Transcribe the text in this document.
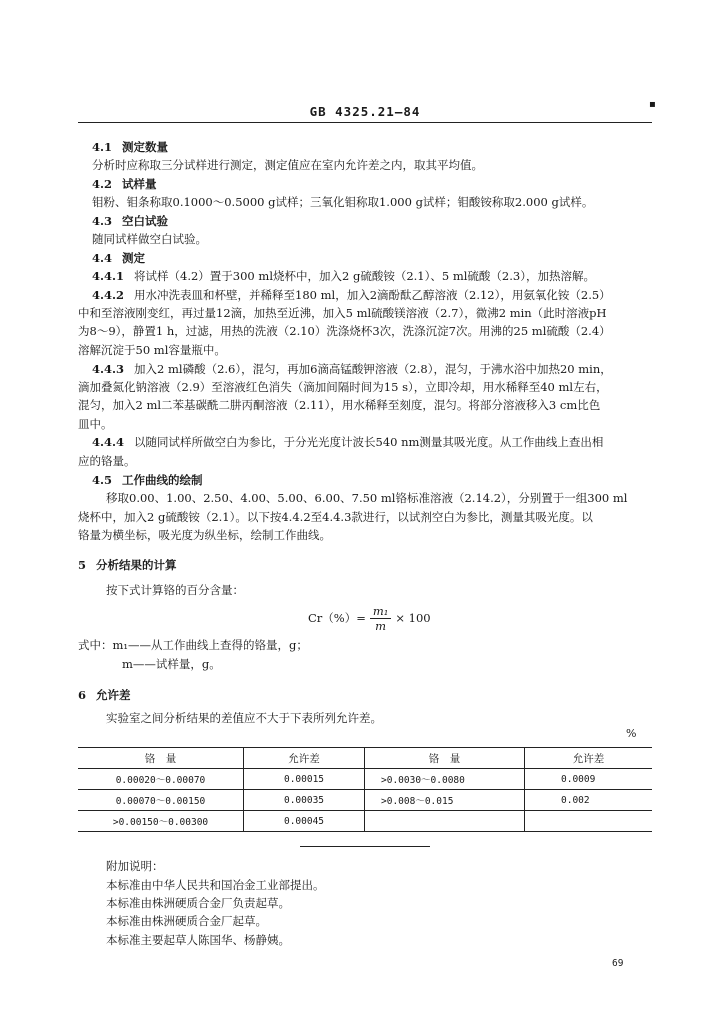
GB 4325.21—84	▪
4.1 测定数量
分析时应称取三分试样进行测定，测定值应在室内允许差之内，取其平均值。
4.2 试样量
钼粉、钼条称取0.1000～0.5000 g试样；三氧化钼称取1.000 g试样；钼酸铵称取2.000 g试样。
4.3 空白试验
随同试样做空白试验。
4.4 测定
4.4.1 将试样（4.2）置于300 ml烧杯中，加入2 g硫酸铵（2.1）、5 ml硫酸（2.3），加热溶解。
4.4.2 用水冲洗表皿和杯壁，并稀释至180 ml，加入2滴酚酞乙醇溶液（2.12），用氨氧化铵（2.5）
中和至溶液刚变红，再过量12滴，加热至近沸，加入5 ml硫酸镁溶液（2.7），微沸2 min（此时溶液pH
为8～9），静置1 h，过滤，用热的洗液（2.10）洗涤烧杯3次，洗涤沉淀7次。用沸的25 ml硫酸（2.4）
溶解沉淀于50 ml容量瓶中。
4.4.3 加入2 ml磷酸（2.6），混匀，再加6滴高锰酸钾溶液（2.8），混匀，于沸水浴中加热20 min，
滴加叠氮化钠溶液（2.9）至溶液红色消失（滴加间隔时间为15 s），立即冷却，用水稀释至40 ml左右，
混匀，加入2 ml二苯基碳酰二肼丙酮溶液（2.11），用水稀释至刻度，混匀。将部分溶液移入3 cm比色
皿中。
4.4.4 以随同试样所做空白为参比，于分光光度计波长540 nm测量其吸光度。从工作曲线上查出相
应的铬量。
4.5 工作曲线的绘制
移取0.00、1.00、2.50、4.00、5.00、6.00、7.50 ml铬标准溶液（2.14.2），分别置于一组300 ml
烧杯中，加入2 g硫酸铵（2.1）。以下按4.4.2至4.4.3款进行，以试剂空白为参比，测量其吸光度。以
铬量为横坐标，吸光度为纵坐标，绘制工作曲线。
5 分析结果的计算
按下式计算铬的百分含量：
$Cr(\%)= \frac{\text{m₁}}{m} \times 100$
式中：m₁——从工作曲线上查得的铬量，g；
m——试样量，g。
6 允许差
实验室之间分析结果的差值应不大于下表所列允许差。
%
铬　量	允许差	铬　量	允许差
0.00020～0.00070	0.00015	>0.0030～0.0080	0.0009
0.00070～0.00150	0.00035	>0.008～0.015	0.002
>0.00150～0.00300	0.00045		
附加说明：
本标准由中华人民共和国冶金工业部提出。
本标准由株洲硬质合金厂负责起草。
本标准由株洲硬质合金厂起草。
本标准主要起草人陈国华、杨静姨。
69
